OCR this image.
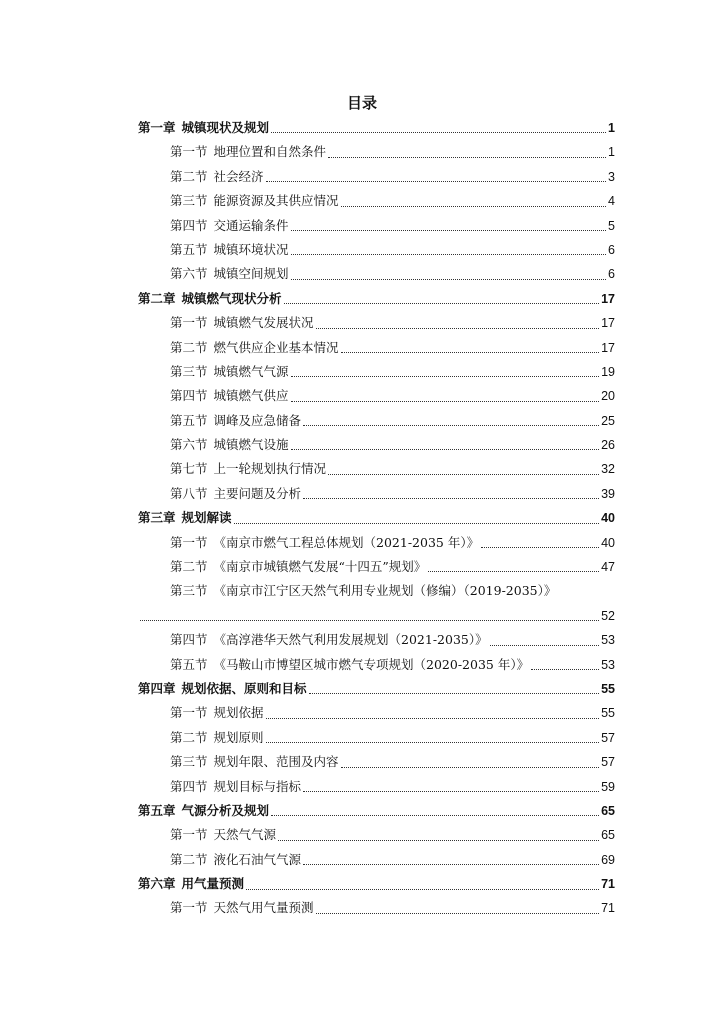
目录
第一章 城镇现状及规划	1
第一节 地理位置和自然条件	1
第二节 社会经济	3
第三节 能源资源及其供应情况	4
第四节 交通运输条件	5
第五节 城镇环境状况	6
第六节 城镇空间规划	6
第二章 城镇燃气现状分析	17
第一节 城镇燃气发展状况	17
第二节 燃气供应企业基本情况	17
第三节 城镇燃气气源	19
第四节 城镇燃气供应	20
第五节 调峰及应急储备	25
第六节 城镇燃气设施	26
第七节 上一轮规划执行情况	32
第八节 主要问题及分析	39
第三章 规划解读	40
第一节 《南京市燃气工程总体规划（2021-2035 年）》	40
第二节 《南京市城镇燃气发展“十四五”规划》	47
第三节 《南京市江宁区天然气利用专业规划（修编）（2019-2035）》
52
第四节 《高淳港华天然气利用发展规划（2021-2035）》	53
第五节 《马鞍山市博望区城市燃气专项规划（2020-2035 年）》	53
第四章 规划依据、原则和目标	55
第一节 规划依据	55
第二节 规划原则	57
第三节 规划年限、范围及内容	57
第四节 规划目标与指标	59
第五章 气源分析及规划	65
第一节 天然气气源	65
第二节 液化石油气气源	69
第六章 用气量预测	71
第一节 天然气用气量预测	71
